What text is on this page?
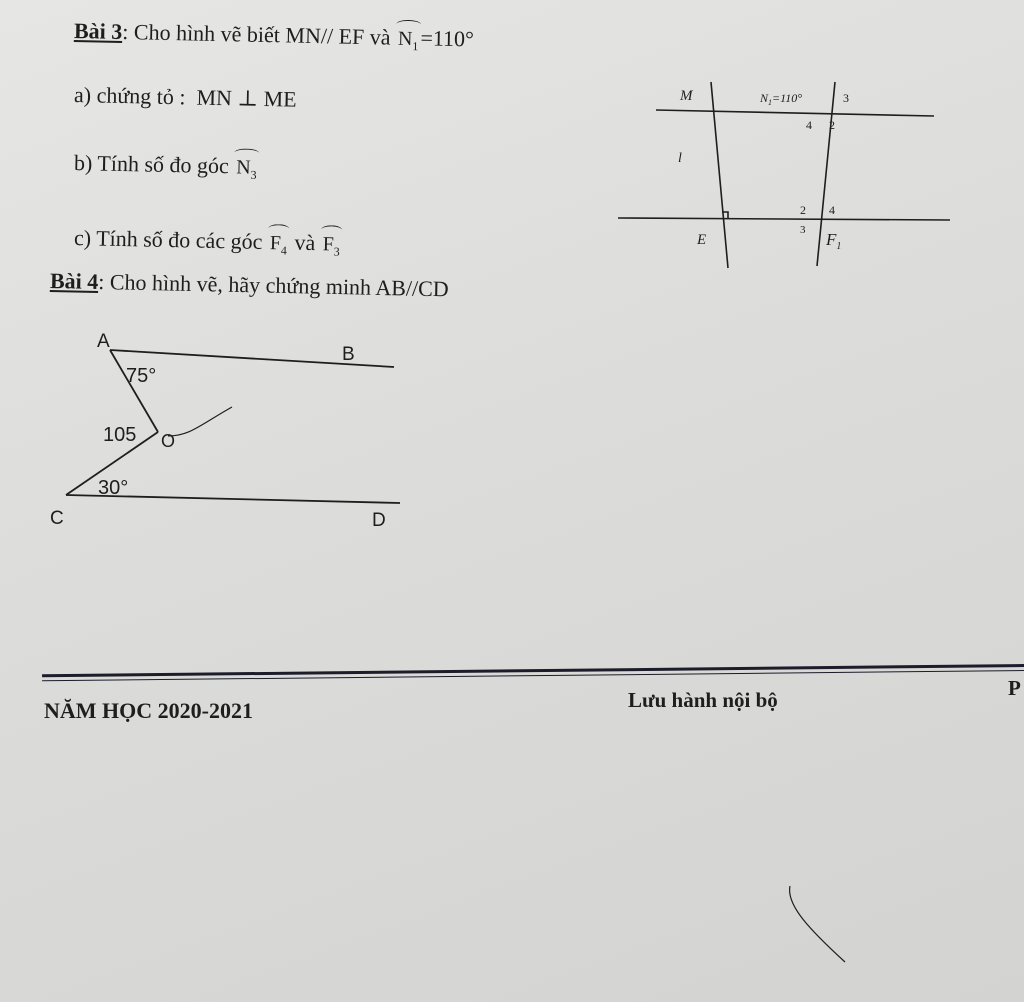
Bài 3: Cho hình vẽ biết MN// EF và $N_1=110^\circ$
a) chứng tỏ : MN ⊥ ME
b) Tính số đo góc $N_3$
c) Tính số đo các góc $F_4$ và $F_3$
Bài 4: Cho hình vẽ, hãy chứng minh AB//CD
M	$N_1=110^\circ$	3
4 2
l
2 4
3
E	$F_1$
A
B
C	D
O
75°
105
30°
NĂM HỌC 2020-2021	Lưu hành nội bộ	P
